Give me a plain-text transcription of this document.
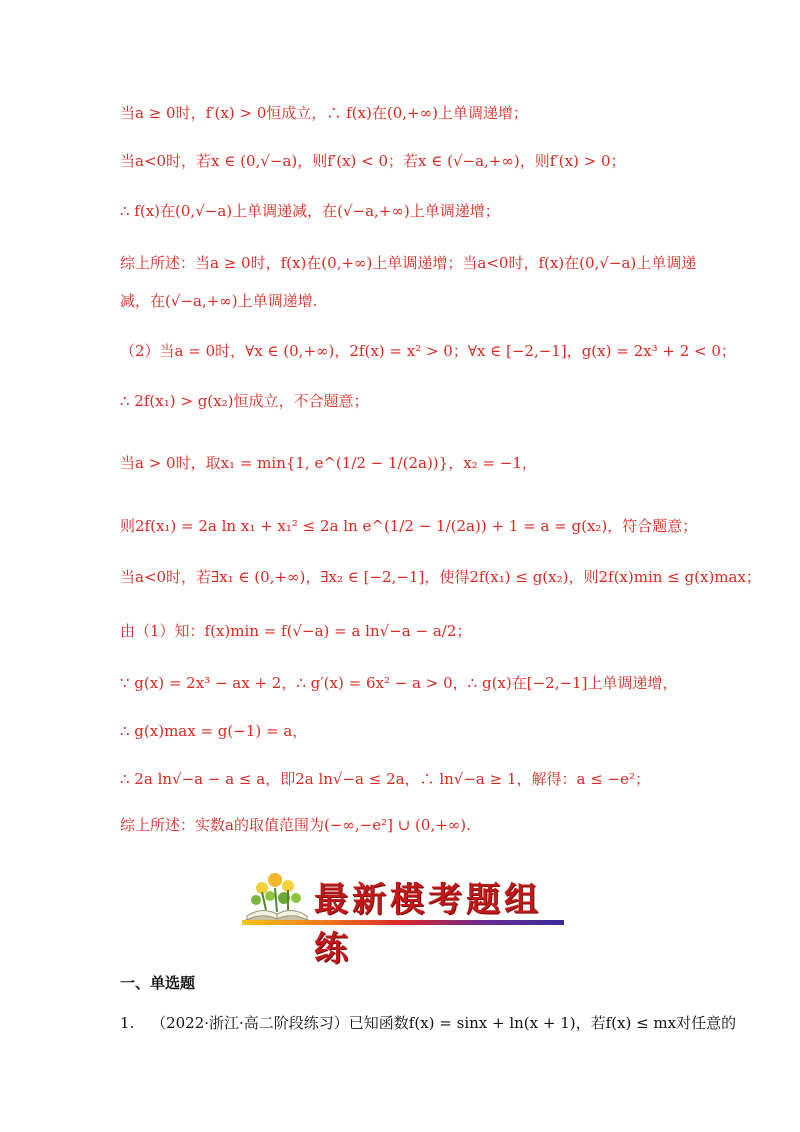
当a ≥ 0时，f′(x) > 0恒成立，∴ f(x)在(0,+∞)上单调递增；
当a<0时，若x ∈ (0,√−a)，则f′(x) < 0；若x ∈ (√−a,+∞)，则f′(x) > 0；
∴ f(x)在(0,√−a)上单调递减，在(√−a,+∞)上单调递增；
综上所述：当a ≥ 0时，f(x)在(0,+∞)上单调递增；当a<0时，f(x)在(0,√−a)上单调递
减，在(√−a,+∞)上单调递增.
（2）当a = 0时，∀x ∈ (0,+∞)，2f(x) = x² > 0；∀x ∈ [−2,−1]，g(x) = 2x³ + 2 < 0；
∴ 2f(x₁) > g(x₂)恒成立，不合题意；
当a > 0时，取x₁ = min{1, e^(1/2 − 1/(2a))}，x₂ = −1，
则2f(x₁) = 2a ln x₁ + x₁² ≤ 2a ln e^(1/2 − 1/(2a)) + 1 = a = g(x₂)，符合题意；
当a<0时，若∃x₁ ∈ (0,+∞)，∃x₂ ∈ [−2,−1]，使得2f(x₁) ≤ g(x₂)，则2f(x)min ≤ g(x)max；
由（1）知：f(x)min = f(√−a) = a ln√−a − a/2；
∵ g(x) = 2x³ − ax + 2，∴ g′(x) = 6x² − a > 0，∴ g(x)在[−2,−1]上单调递增，
∴ g(x)max = g(−1) = a，
∴ 2a ln√−a − a ≤ a，即2a ln√−a ≤ 2a，∴ ln√−a ≥ 1，解得：a ≤ −e²；
综上所述：实数a的取值范围为(−∞,−e²] ∪ (0,+∞).
最新模考题组练
一、单选题
1. （2022·浙江·高二阶段练习）已知函数f(x) = sinx + ln(x + 1)，若f(x) ≤ mx对任意的
